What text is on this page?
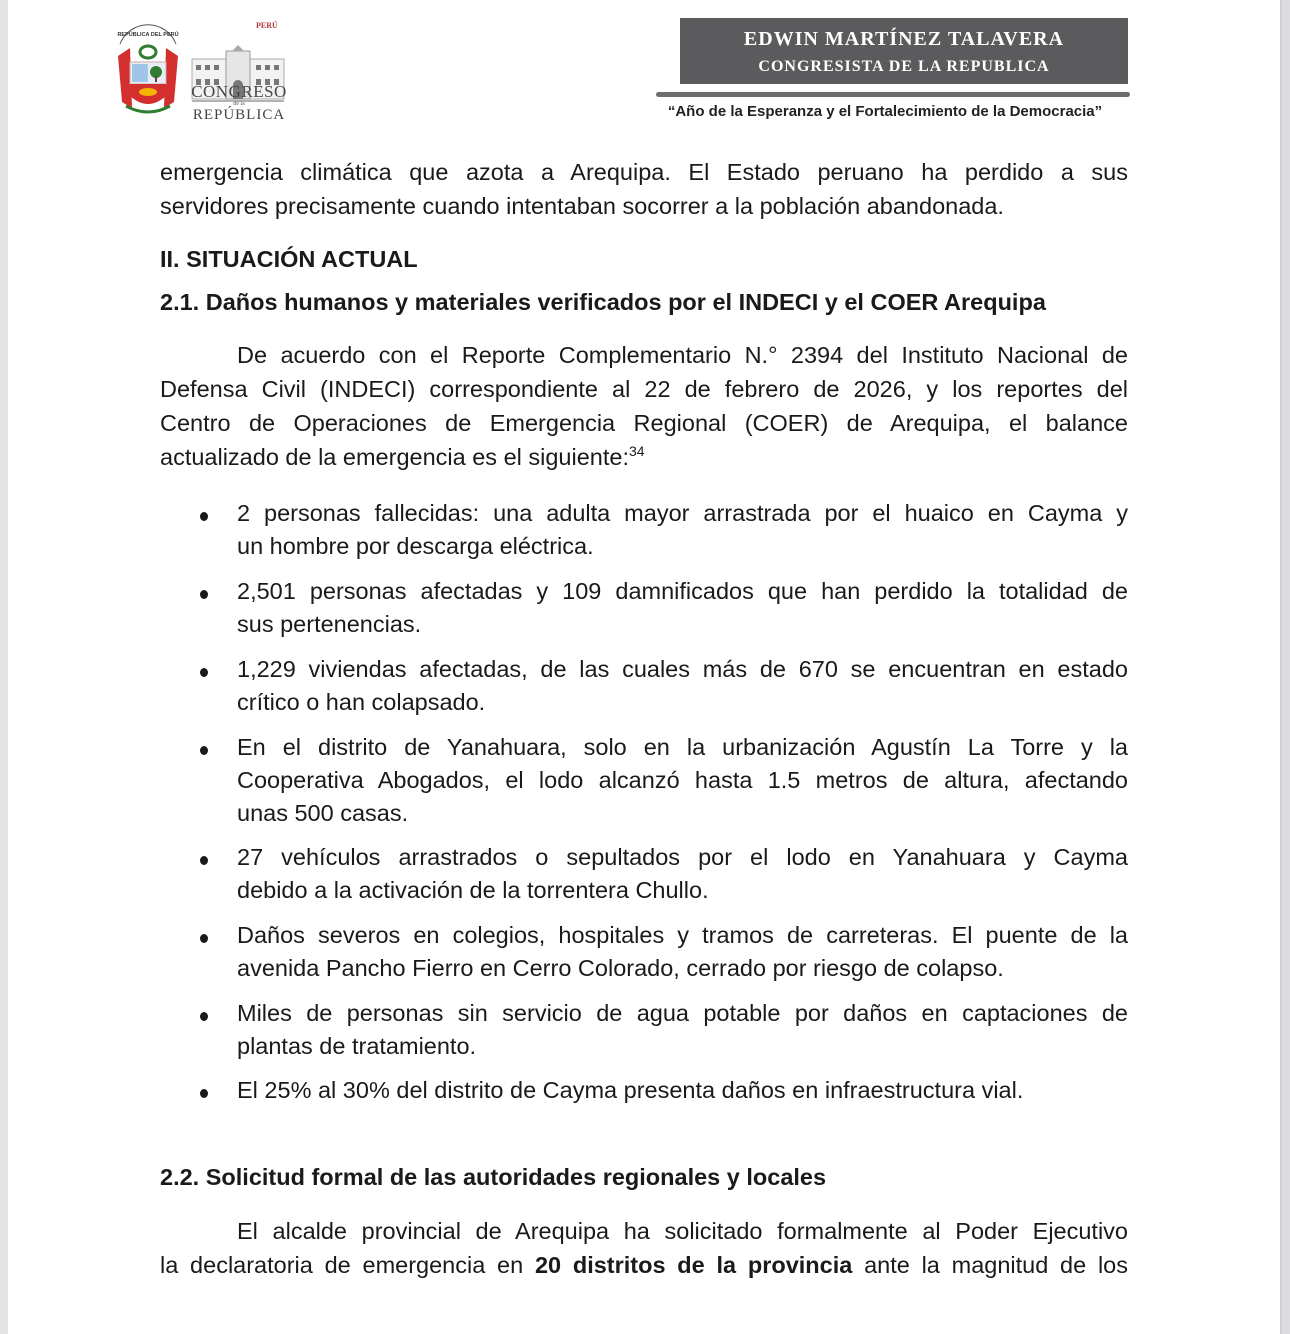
REPÚBLICA DEL PERÚ
PERÚ
CONGRESO
de la
REPÚBLICA
EDWIN MARTÍNEZ TALAVERA
CONGRESISTA DE LA REPUBLICA
“Año de la Esperanza y el Fortalecimiento de la Democracia”
emergencia climática que azota a Arequipa. El Estado peruano ha perdido a sus
servidores precisamente cuando intentaban socorrer a la población abandonada.
II. SITUACIÓN ACTUAL
2.1. Daños humanos y materiales verificados por el INDECI y el COER Arequipa
De acuerdo con el Reporte Complementario N.° 2394 del Instituto Nacional de
Defensa Civil (INDECI) correspondiente al 22 de febrero de 2026, y los reportes del
Centro de Operaciones de Emergencia Regional (COER) de Arequipa, el balance
actualizado de la emergencia es el siguiente:$^{34}$
2 personas fallecidas: una adulta mayor arrastrada por el huaico en Cayma y
un hombre por descarga eléctrica.
2,501 personas afectadas y 109 damnificados que han perdido la totalidad de
sus pertenencias.
1,229 viviendas afectadas, de las cuales más de 670 se encuentran en estado
crítico o han colapsado.
En el distrito de Yanahuara, solo en la urbanización Agustín La Torre y la
Cooperativa Abogados, el lodo alcanzó hasta 1.5 metros de altura, afectando
unas 500 casas.
27 vehículos arrastrados o sepultados por el lodo en Yanahuara y Cayma
debido a la activación de la torrentera Chullo.
Daños severos en colegios, hospitales y tramos de carreteras. El puente de la
avenida Pancho Fierro en Cerro Colorado, cerrado por riesgo de colapso.
Miles de personas sin servicio de agua potable por daños en captaciones de
plantas de tratamiento.
El 25% al 30% del distrito de Cayma presenta daños en infraestructura vial.
2.2. Solicitud formal de las autoridades regionales y locales
El alcalde provincial de Arequipa ha solicitado formalmente al Poder Ejecutivo
la declaratoria de emergencia en 20 distritos de la provincia ante la magnitud de los
